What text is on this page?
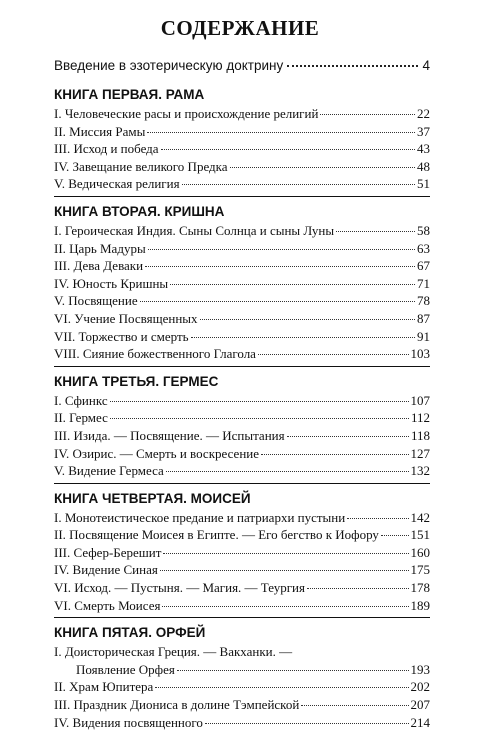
СОДЕРЖАНИЕ
Введение в эзотерическую доктрину	4
КНИГА ПЕРВАЯ. РАМА
I. Человеческие расы и происхождение религий	22
II. Миссия Рамы	37
III. Исход и победа	43
IV. Завещание великого Предка	48
V. Ведическая религия	51
КНИГА ВТОРАЯ. КРИШНА
I. Героическая Индия. Сыны Солнца и сыны Луны	58
II. Царь Мадуры	63
III. Дева Деваки	67
IV. Юность Кришны	71
V. Посвящение	78
VI. Учение Посвященных	87
VII. Торжество и смерть	91
VIII. Сияние божественного Глагола	103
КНИГА ТРЕТЬЯ. ГЕРМЕС
I. Сфинкс	107
II. Гермес	112
III. Изида. — Посвящение. — Испытания	118
IV. Озирис. — Смерть и воскресение	127
V. Видение Гермеса	132
КНИГА ЧЕТВЕРТАЯ. МОИСЕЙ
I. Монотеистическое предание и патриархи пустыни	142
II. Посвящение Моисея в Египте. — Его бегство к Иофору 151
III. Сефер-Берешит	160
IV. Видение Синая	175
VI. Исход. — Пустыня. — Магия. — Теургия	178
VI. Смерть Моисея	189
КНИГА ПЯТАЯ. ОРФЕЙ
I. Доисторическая Греция. — Вакханки. —
Появление Орфея	193
II. Храм Юпитера	202
III. Праздник Диониса в долине Тэмпейской	207
IV. Видения посвященного	214
